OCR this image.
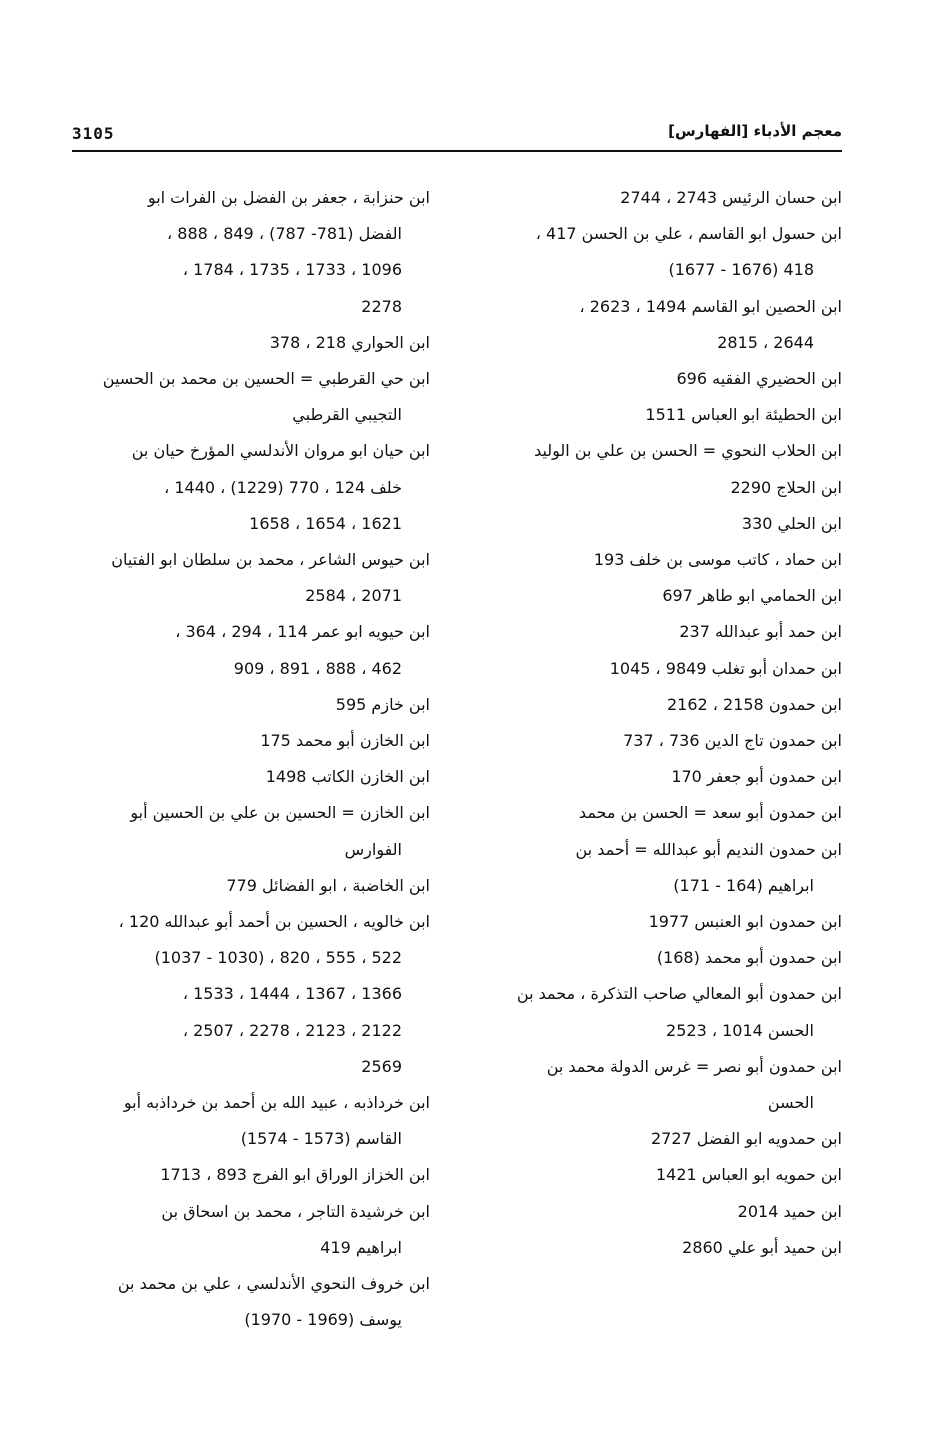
3105	معجم الأدباء [الفهارس]
ابن حسان الرئيس 2743 ، 2744
ابن حسول ابو القاسم ، علي بن الحسن 417 ،
418 (1676 - 1677)
ابن الحصين ابو القاسم 1494 ، 2623 ،
2644 ، 2815
ابن الحضيري الفقيه 696
ابن الحطيئة ابو العباس 1511
ابن الحلاب النحوي = الحسن بن علي بن الوليد
ابن الحلاج 2290
ابن الحلي 330
ابن حماد ، كاتب موسى بن خلف 193
ابن الحمامي ابو طاهر 697
ابن حمد أبو عبدالله 237
ابن حمدان أبو تغلب 9849 ، 1045
ابن حمدون 2158 ، 2162
ابن حمدون تاج الدين 736 ، 737
ابن حمدون أبو جعفر 170
ابن حمدون أبو سعد = الحسن بن محمد
ابن حمدون النديم أبو عبدالله = أحمد بن
ابراهيم (164 - 171)
ابن حمدون ابو العنبس 1977
ابن حمدون أبو محمد (168)
ابن حمدون أبو المعالي صاحب التذكرة ، محمد بن
الحسن 1014 ، 2523
ابن حمدون أبو نصر = غرس الدولة محمد بن
الحسن
ابن حمدويه ابو الفضل 2727
ابن حمويه ابو العباس 1421
ابن حميد 2014
ابن حميد أبو علي 2860
ابن حنزابة ، جعفر بن الفضل بن الفرات ابو
الفضل (781- 787) ، 849 ، 888 ،
1096 ، 1733 ، 1735 ، 1784 ،
2278
ابن الحواري 218 ، 378
ابن حي القرطبي = الحسين بن محمد بن الحسين
التجيبي القرطبي
ابن حيان ابو مروان الأندلسي المؤرخ حيان بن
خلف 124 ، 770 (1229) ، 1440 ،
1621 ، 1654 ، 1658
ابن حيوس الشاعر ، محمد بن سلطان ابو الفتيان
2071 ، 2584
ابن حيويه ابو عمر 114 ، 294 ، 364 ،
462 ، 888 ، 891 ، 909
ابن خازم 595
ابن الخازن أبو محمد 175
ابن الخازن الكاتب 1498
ابن الخازن = الحسين بن علي بن الحسين أبو
الفوارس
ابن الخاضبة ، ابو الفضائل 779
ابن خالويه ، الحسين بن أحمد أبو عبدالله 120 ،
522 ، 555 ، 820 ، (1030 - 1037)
1366 ، 1367 ، 1444 ، 1533 ،
2122 ، 2123 ، 2278 ، 2507 ،
2569
ابن خرداذبه ، عبيد الله بن أحمد بن خرداذبه أبو
القاسم (1573 - 1574)
ابن الخزاز الوراق ابو الفرج 893 ، 1713
ابن خرشيدة التاجر ، محمد بن اسحاق بن
ابراهيم 419
ابن خروف النحوي الأندلسي ، علي بن محمد بن
يوسف (1969 - 1970)
